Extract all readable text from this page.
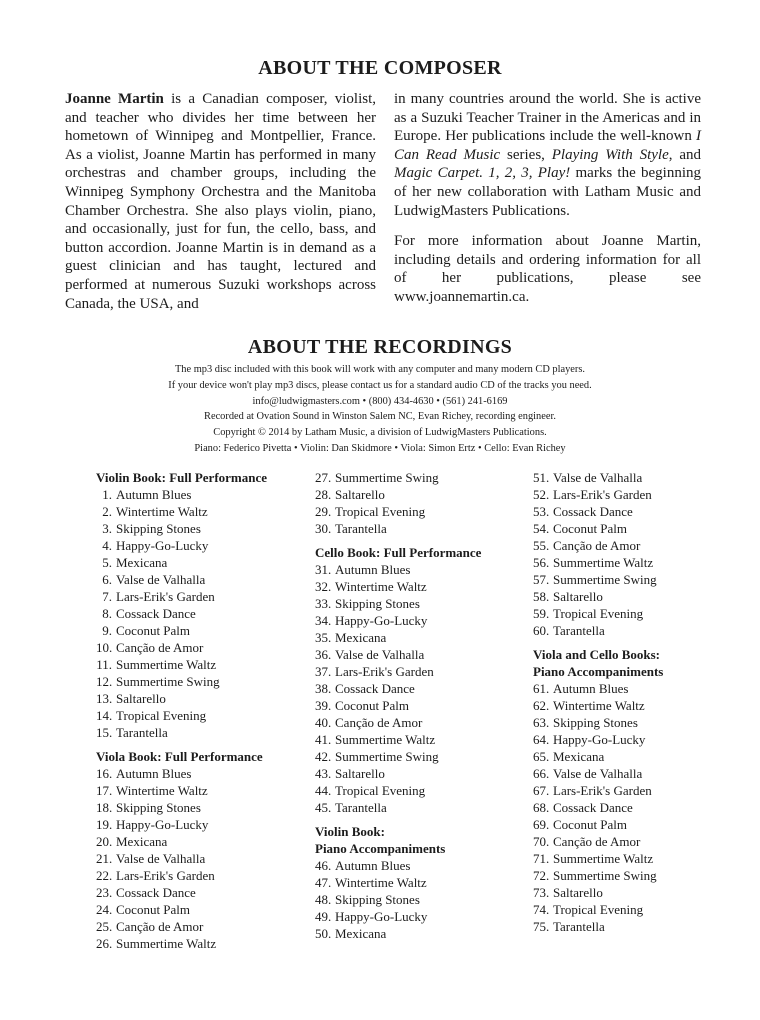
ABOUT THE COMPOSER

Joanne Martin is a Canadian composer, violist, and teacher who divides her time between her hometown of Winnipeg and Montpellier, France. As a violist, Joanne Martin has performed in many orchestras and chamber groups, including the Winnipeg Symphony Orchestra and the Manitoba Chamber Orchestra. She also plays violin, piano, and occasionally, just for fun, the cello, bass, and button accordion. Joanne Martin is in demand as a guest clinician and has taught, lectured and performed at numerous Suzuki workshops across Canada, the USA, and

in many countries around the world. She is active as a Suzuki Teacher Trainer in the Americas and in Europe. Her publications include the well-known I Can Read Music series, Playing With Style, and Magic Carpet. 1, 2, 3, Play! marks the beginning of her new collaboration with Latham Music and LudwigMasters Publications.

For more information about Joanne Martin, including details and ordering information for all of her publications, please see www.joannemartin.ca.

ABOUT THE RECORDINGS
The mp3 disc included with this book will work with any computer and many modern CD players.
If your device won't play mp3 discs, please contact us for a standard audio CD of the tracks you need.
info@ludwigmasters.com • (800) 434-4630 • (561) 241-6169
Recorded at Ovation Sound in Winston Salem NC, Evan Richey, recording engineer.
Copyright © 2014 by Latham Music, a division of LudwigMasters Publications.
Piano: Federico Pivetta • Violin: Dan Skidmore • Viola: Simon Ertz • Cello: Evan Richey
Violin Book: Full Performance
1. Autumn Blues
2. Wintertime Waltz
3. Skipping Stones
4. Happy-Go-Lucky
5. Mexicana
6. Valse de Valhalla
7. Lars-Erik's Garden
8. Cossack Dance
9. Coconut Palm
10. Canção de Amor
11. Summertime Waltz
12. Summertime Swing
13. Saltarello
14. Tropical Evening
15. Tarantella
Viola Book: Full Performance
16. Autumn Blues
17. Wintertime Waltz
18. Skipping Stones
19. Happy-Go-Lucky
20. Mexicana
21. Valse de Valhalla
22. Lars-Erik's Garden
23. Cossack Dance
24. Coconut Palm
25. Canção de Amor
26. Summertime Waltz
27. Summertime Swing
28. Saltarello
29. Tropical Evening
30. Tarantella
Cello Book: Full Performance
31. Autumn Blues
32. Wintertime Waltz
33. Skipping Stones
34. Happy-Go-Lucky
35. Mexicana
36. Valse de Valhalla
37. Lars-Erik's Garden
38. Cossack Dance
39. Coconut Palm
40. Canção de Amor
41. Summertime Waltz
42. Summertime Swing
43. Saltarello
44. Tropical Evening
45. Tarantella
Violin Book:
Piano Accompaniments
46. Autumn Blues
47. Wintertime Waltz
48. Skipping Stones
49. Happy-Go-Lucky
50. Mexicana
51. Valse de Valhalla
52. Lars-Erik's Garden
53. Cossack Dance
54. Coconut Palm
55. Canção de Amor
56. Summertime Waltz
57. Summertime Swing
58. Saltarello
59. Tropical Evening
60. Tarantella
Viola and Cello Books:
Piano Accompaniments
61. Autumn Blues
62. Wintertime Waltz
63. Skipping Stones
64. Happy-Go-Lucky
65. Mexicana
66. Valse de Valhalla
67. Lars-Erik's Garden
68. Cossack Dance
69. Coconut Palm
70. Canção de Amor
71. Summertime Waltz
72. Summertime Swing
73. Saltarello
74. Tropical Evening
75. Tarantella
